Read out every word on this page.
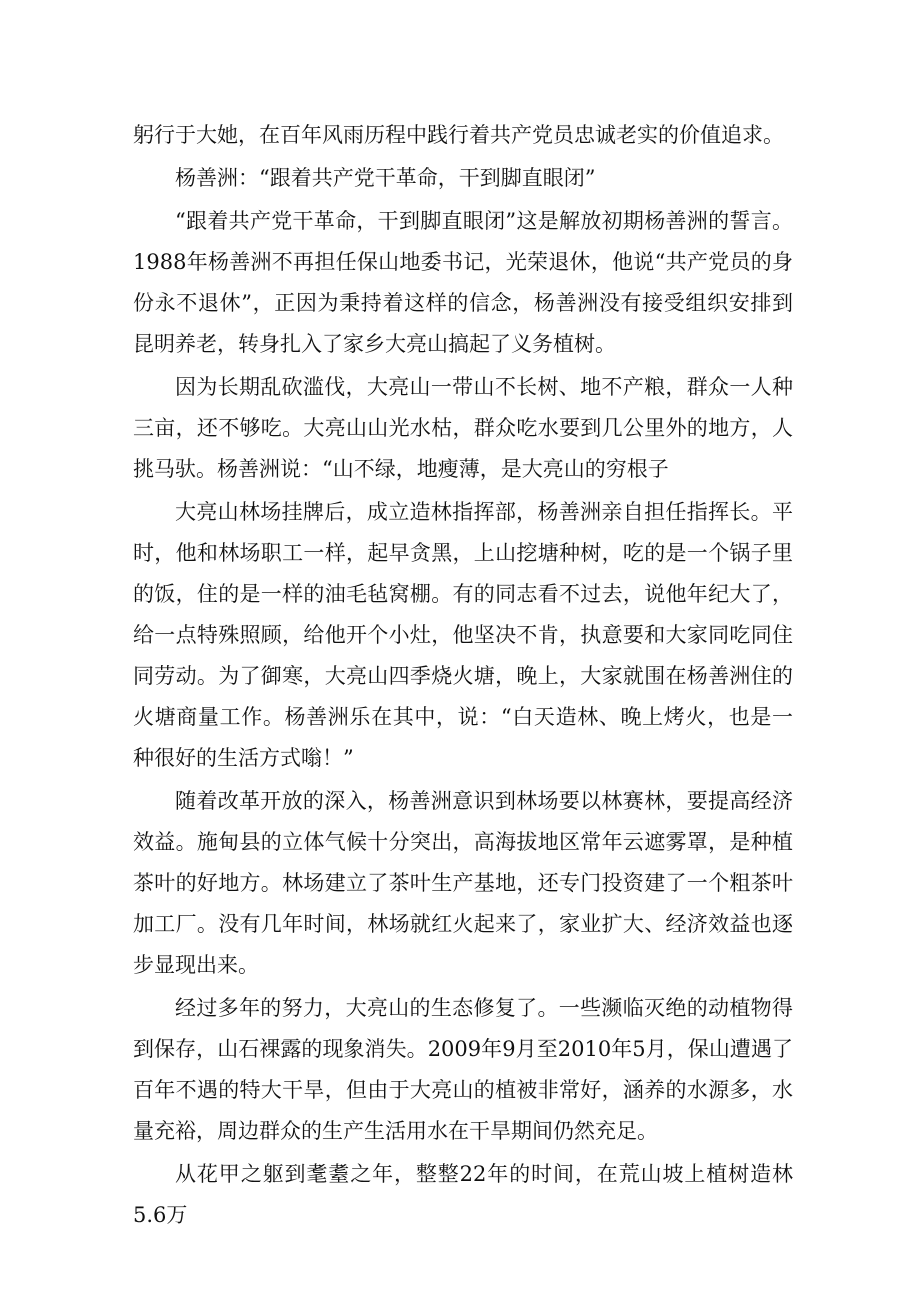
躬行于大她，在百年风雨历程中践行着共产党员忠诚老实的价值追求。

杨善洲：“跟着共产党干革命，干到脚直眼闭”

“跟着共产党干革命，干到脚直眼闭”这是解放初期杨善洲的誓言。1988年杨善洲不再担任保山地委书记，光荣退休，他说“共产党员的身份永不退休”，正因为秉持着这样的信念，杨善洲没有接受组织安排到昆明养老，转身扎入了家乡大亮山搞起了义务植树。

因为长期乱砍滥伐，大亮山一带山不长树、地不产粮，群众一人种三亩，还不够吃。大亮山山光水枯，群众吃水要到几公里外的地方，人挑马驮。杨善洲说：“山不绿，地瘦薄，是大亮山的穷根子

大亮山林场挂牌后，成立造林指挥部，杨善洲亲自担任指挥长。平时，他和林场职工一样，起早贪黑，上山挖塘种树，吃的是一个锅子里的饭，住的是一样的油毛毡窝棚。有的同志看不过去，说他年纪大了，给一点特殊照顾，给他开个小灶，他坚决不肯，执意要和大家同吃同住同劳动。为了御寒，大亮山四季烧火塘，晚上，大家就围在杨善洲住的火塘商量工作。杨善洲乐在其中，说：“白天造林、晚上烤火，也是一种很好的生活方式嗡！”

随着改革开放的深入，杨善洲意识到林场要以林赛林，要提高经济效益。施甸县的立体气候十分突出，高海拔地区常年云遮雾罩，是种植茶叶的好地方。林场建立了茶叶生产基地，还专门投资建了一个粗茶叶加工厂。没有几年时间，林场就红火起来了，家业扩大、经济效益也逐步显现出来。

经过多年的努力，大亮山的生态修复了。一些濒临灭绝的动植物得到保存，山石裸露的现象消失。2009年9月至2010年5月，保山遭遇了百年不遇的特大干旱，但由于大亮山的植被非常好，涵养的水源多，水量充裕，周边群众的生产生活用水在干旱期间仍然充足。

从花甲之躯到耄耋之年，整整22年的时间，在荒山坡上植树造林5.6万
